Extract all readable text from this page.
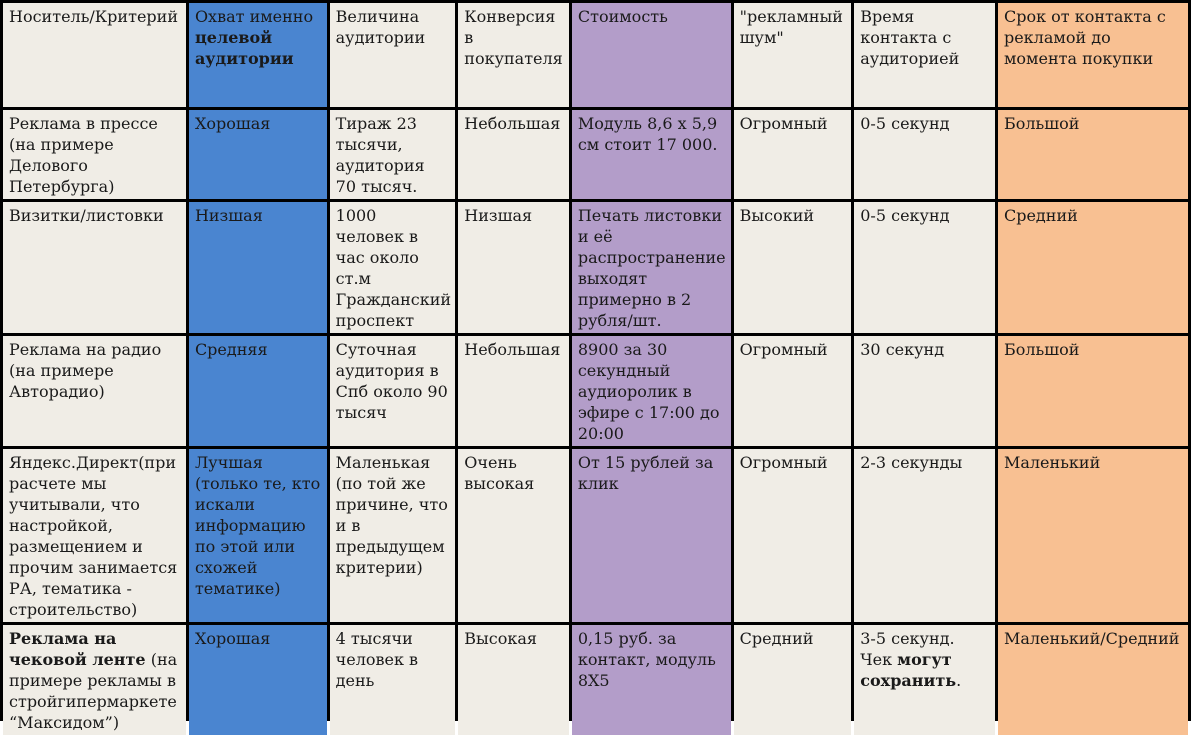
Носитель/Критерий	Охват именно целевой аудитории	Величина аудитории	Конверсия в покупателя	Стоимость	"рекламный шум"	Время контакта с аудиторией	Срок от контакта с рекламой до момента покупки
Реклама в прессе (на примере Делового Петербурга)	Хорошая	Тираж 23 тысячи, аудитория 70 тысяч.	Небольшая	Модуль 8,6 х 5,9 см стоит 17 000.	Огромный	0-5 секунд	Большой
Визитки/листовки	Низшая	1000 человек в час около ст.м Гражданский проспект	Низшая	Печать листовки и её распространение выходят примерно в 2 рубля/шт.	Высокий	0-5 секунд	Средний
Реклама на радио (на примере Авторадио)	Средняя	Суточная аудитория в Спб около 90 тысяч	Небольшая	8900 за 30 секундный аудиоролик в эфире с 17:00 до 20:00	Огромный	30 секунд	Большой
Яндекс.Директ(при расчете мы учитывали, что настройкой, размещением и прочим занимается РА, тематика - строительство)	Лучшая (только те, кто искали информацию по этой или схожей тематике)	Маленькая (по той же причине, что и в предыдущем критерии)	Очень высокая	От 15 рублей за клик	Огромный	2-3 секунды	Маленький
Реклама на чековой ленте (на примере рекламы в стройгипермаркете “Максидом”)	Хорошая	4 тысячи человек в день	Высокая	0,15 руб. за контакт, модуль 8Х5	Средний	3-5 секунд. Чек могут сохранить.	Маленький/Средний
